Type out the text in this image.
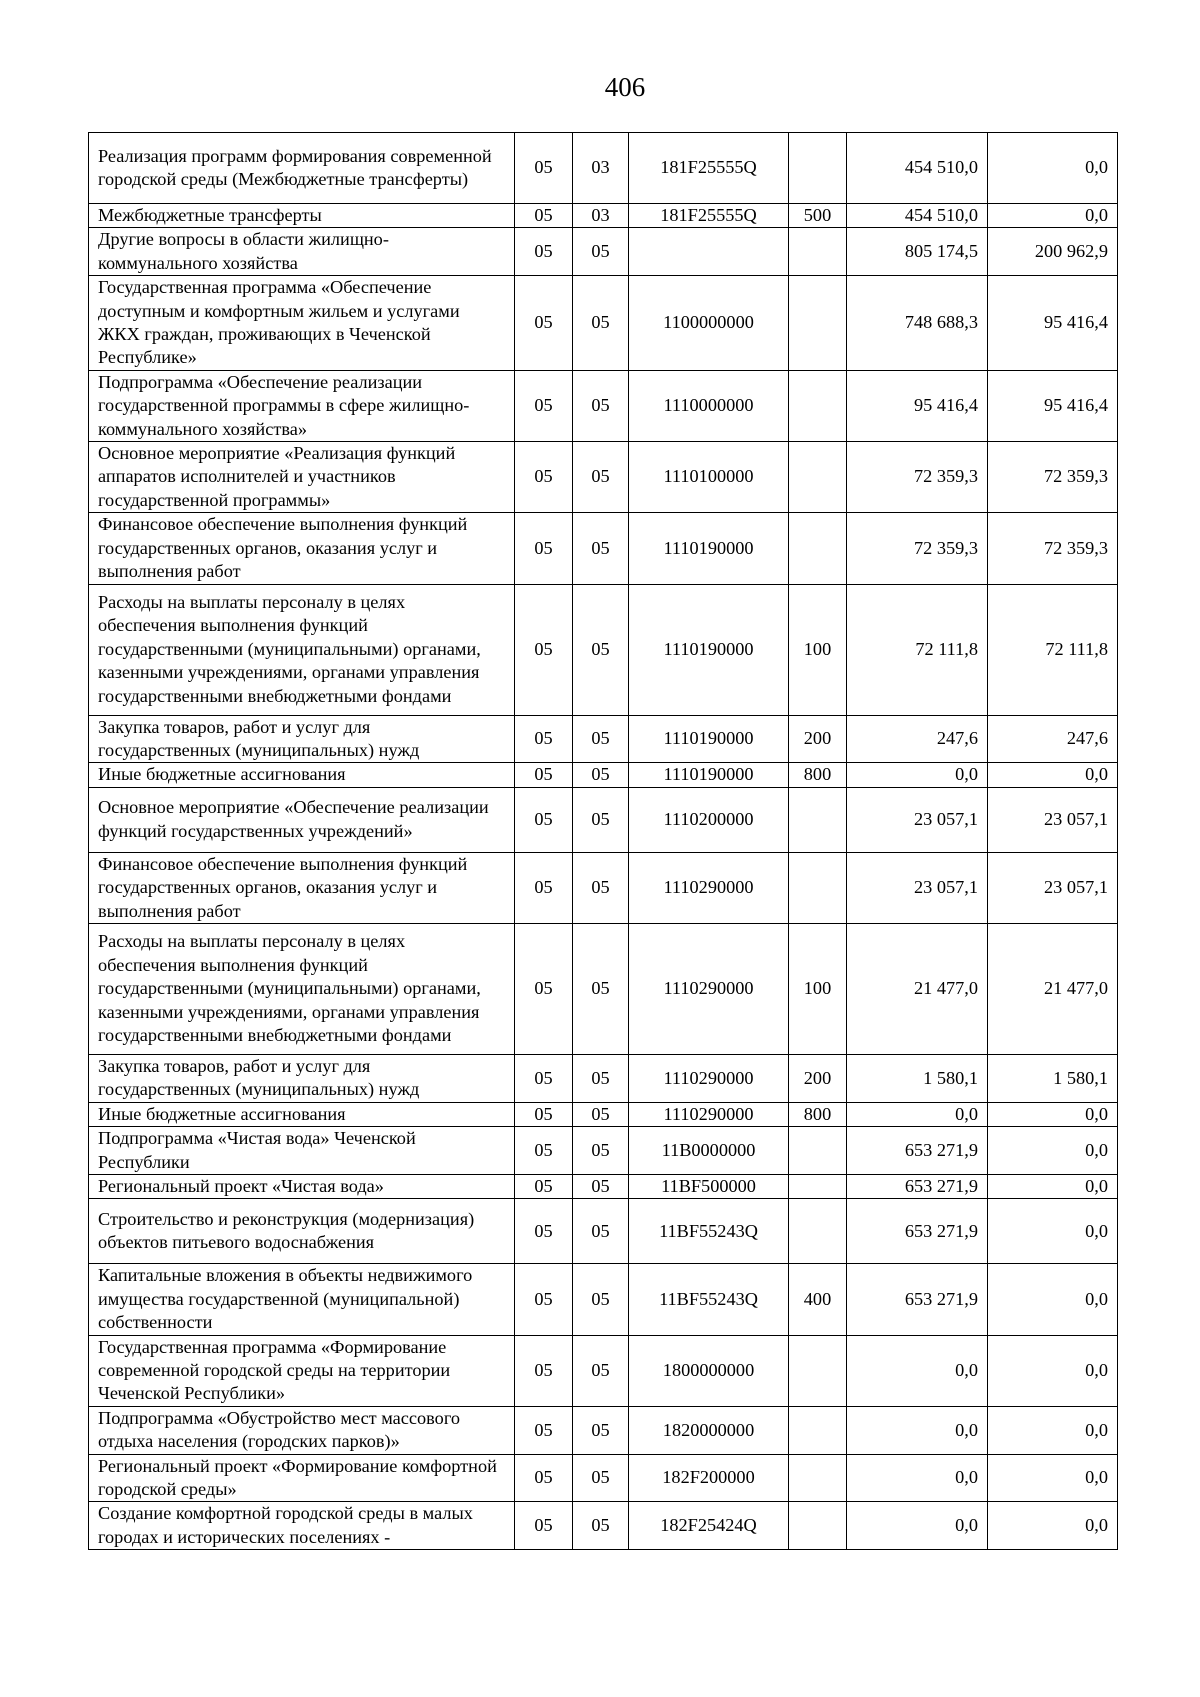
406
Реализация программ формирования современной городской среды (Межбюджетные трансферты)	05	03	181F25555Q		454 510,0	0,0
Межбюджетные трансферты	05	03	181F25555Q	500	454 510,0	0,0
Другие вопросы в области жилищно-коммунального хозяйства	05	05			805 174,5	200 962,9
Государственная программа «Обеспечение доступным и комфортным жильем и услугами ЖКХ граждан, проживающих в Чеченской Республике»	05	05	1100000000		748 688,3	95 416,4
Подпрограмма «Обеспечение реализации государственной программы в сфере жилищно-коммунального хозяйства»	05	05	1110000000		95 416,4	95 416,4
Основное мероприятие «Реализация функций аппаратов исполнителей и участников государственной программы»	05	05	1110100000		72 359,3	72 359,3
Финансовое обеспечение выполнения функций государственных органов, оказания услуг и выполнения работ	05	05	1110190000		72 359,3	72 359,3
Расходы на выплаты персоналу в целях обеспечения выполнения функций государственными (муниципальными) органами, казенными учреждениями, органами управления государственными внебюджетными фондами	05	05	1110190000	100	72 111,8	72 111,8
Закупка товаров, работ и услуг для государственных (муниципальных) нужд	05	05	1110190000	200	247,6	247,6
Иные бюджетные ассигнования	05	05	1110190000	800	0,0	0,0
Основное мероприятие «Обеспечение реализации функций государственных учреждений»	05	05	1110200000		23 057,1	23 057,1
Финансовое обеспечение выполнения функций государственных органов, оказания услуг и выполнения работ	05	05	1110290000		23 057,1	23 057,1
Расходы на выплаты персоналу в целях обеспечения выполнения функций государственными (муниципальными) органами, казенными учреждениями, органами управления государственными внебюджетными фондами	05	05	1110290000	100	21 477,0	21 477,0
Закупка товаров, работ и услуг для государственных (муниципальных) нужд	05	05	1110290000	200	1 580,1	1 580,1
Иные бюджетные ассигнования	05	05	1110290000	800	0,0	0,0
Подпрограмма «Чистая вода» Чеченской Республики	05	05	11В0000000		653 271,9	0,0
Региональный проект «Чистая вода»	05	05	11ВF500000		653 271,9	0,0
Строительство и реконструкция (модернизация) объектов питьевого водоснабжения	05	05	11ВF55243Q		653 271,9	0,0
Капитальные вложения в объекты недвижимого имущества государственной (муниципальной) собственности	05	05	11ВF55243Q	400	653 271,9	0,0
Государственная программа «Формирование современной городской среды на территории Чеченской Республики»	05	05	1800000000		0,0	0,0
Подпрограмма «Обустройство мест массового отдыха населения (городских парков)»	05	05	1820000000		0,0	0,0
Региональный проект «Формирование комфортной городской среды»	05	05	182F200000		0,0	0,0
Создание комфортной городской среды в малых городах и исторических поселениях -	05	05	182F25424Q		0,0	0,0
